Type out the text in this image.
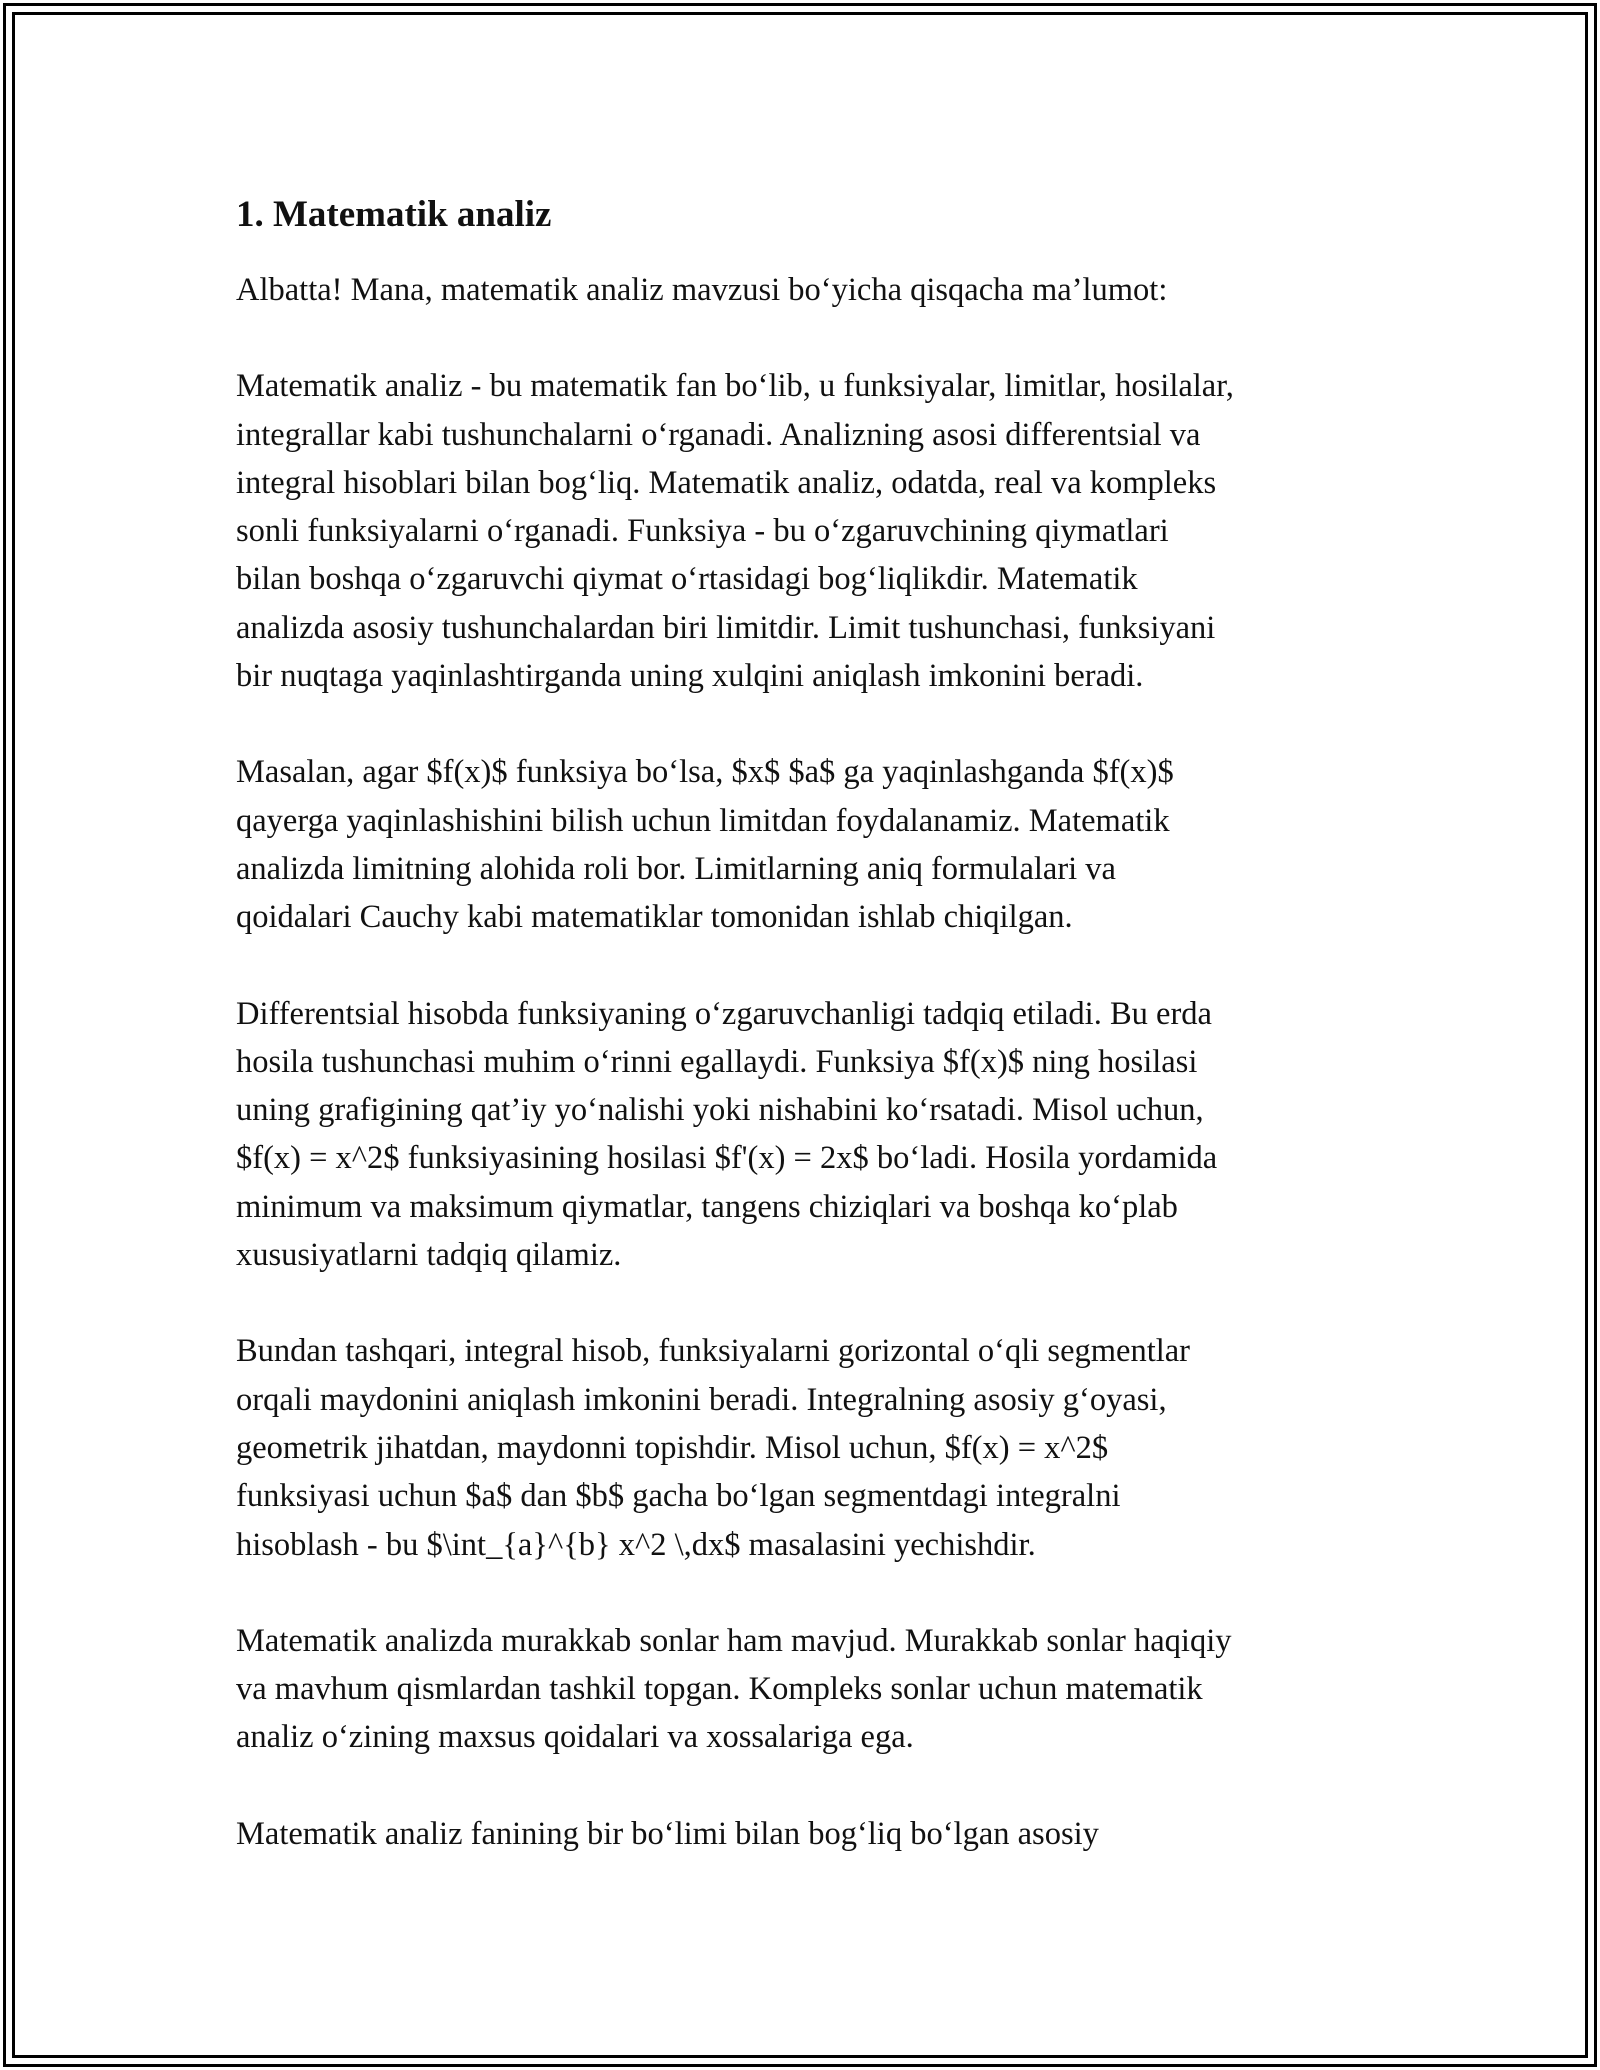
1. Matematik analiz

Albatta! Mana, matematik analiz mavzusi bo‘yicha qisqacha ma’lumot:

Matematik analiz - bu matematik fan bo‘lib, u funksiyalar, limitlar, hosilalar,
integrallar kabi tushunchalarni o‘rganadi. Analizning asosi differentsial va
integral hisoblari bilan bog‘liq. Matematik analiz, odatda, real va kompleks
sonli funksiyalarni o‘rganadi. Funksiya - bu o‘zgaruvchining qiymatlari
bilan boshqa o‘zgaruvchi qiymat o‘rtasidagi bog‘liqlikdir. Matematik
analizda asosiy tushunchalardan biri limitdir. Limit tushunchasi, funksiyani
bir nuqtaga yaqinlashtirganda uning xulqini aniqlash imkonini beradi.

Masalan, agar $f(x)$ funksiya bo‘lsa, $x$ $a$ ga yaqinlashganda $f(x)$
qayerga yaqinlashishini bilish uchun limitdan foydalanamiz. Matematik
analizda limitning alohida roli bor. Limitlarning aniq formulalari va
qoidalari Cauchy kabi matematiklar tomonidan ishlab chiqilgan.

Differentsial hisobda funksiyaning o‘zgaruvchanligi tadqiq etiladi. Bu erda
hosila tushunchasi muhim o‘rinni egallaydi. Funksiya $f(x)$ ning hosilasi
uning grafigining qat’iy yo‘nalishi yoki nishabini ko‘rsatadi. Misol uchun,
$f(x) = x^2$ funksiyasining hosilasi $f'(x) = 2x$ bo‘ladi. Hosila yordamida
minimum va maksimum qiymatlar, tangens chiziqlari va boshqa ko‘plab
xususiyatlarni tadqiq qilamiz.

Bundan tashqari, integral hisob, funksiyalarni gorizontal o‘qli segmentlar
orqali maydonini aniqlash imkonini beradi. Integralning asosiy g‘oyasi,
geometrik jihatdan, maydonni topishdir. Misol uchun, $f(x) = x^2$
funksiyasi uchun $a$ dan $b$ gacha bo‘lgan segmentdagi integralni
hisoblash - bu $\int_{a}^{b} x^2 \,dx$ masalasini yechishdir.

Matematik analizda murakkab sonlar ham mavjud. Murakkab sonlar haqiqiy
va mavhum qismlardan tashkil topgan. Kompleks sonlar uchun matematik
analiz o‘zining maxsus qoidalari va xossalariga ega.

Matematik analiz fanining bir bo‘limi bilan bog‘liq bo‘lgan asosiy
